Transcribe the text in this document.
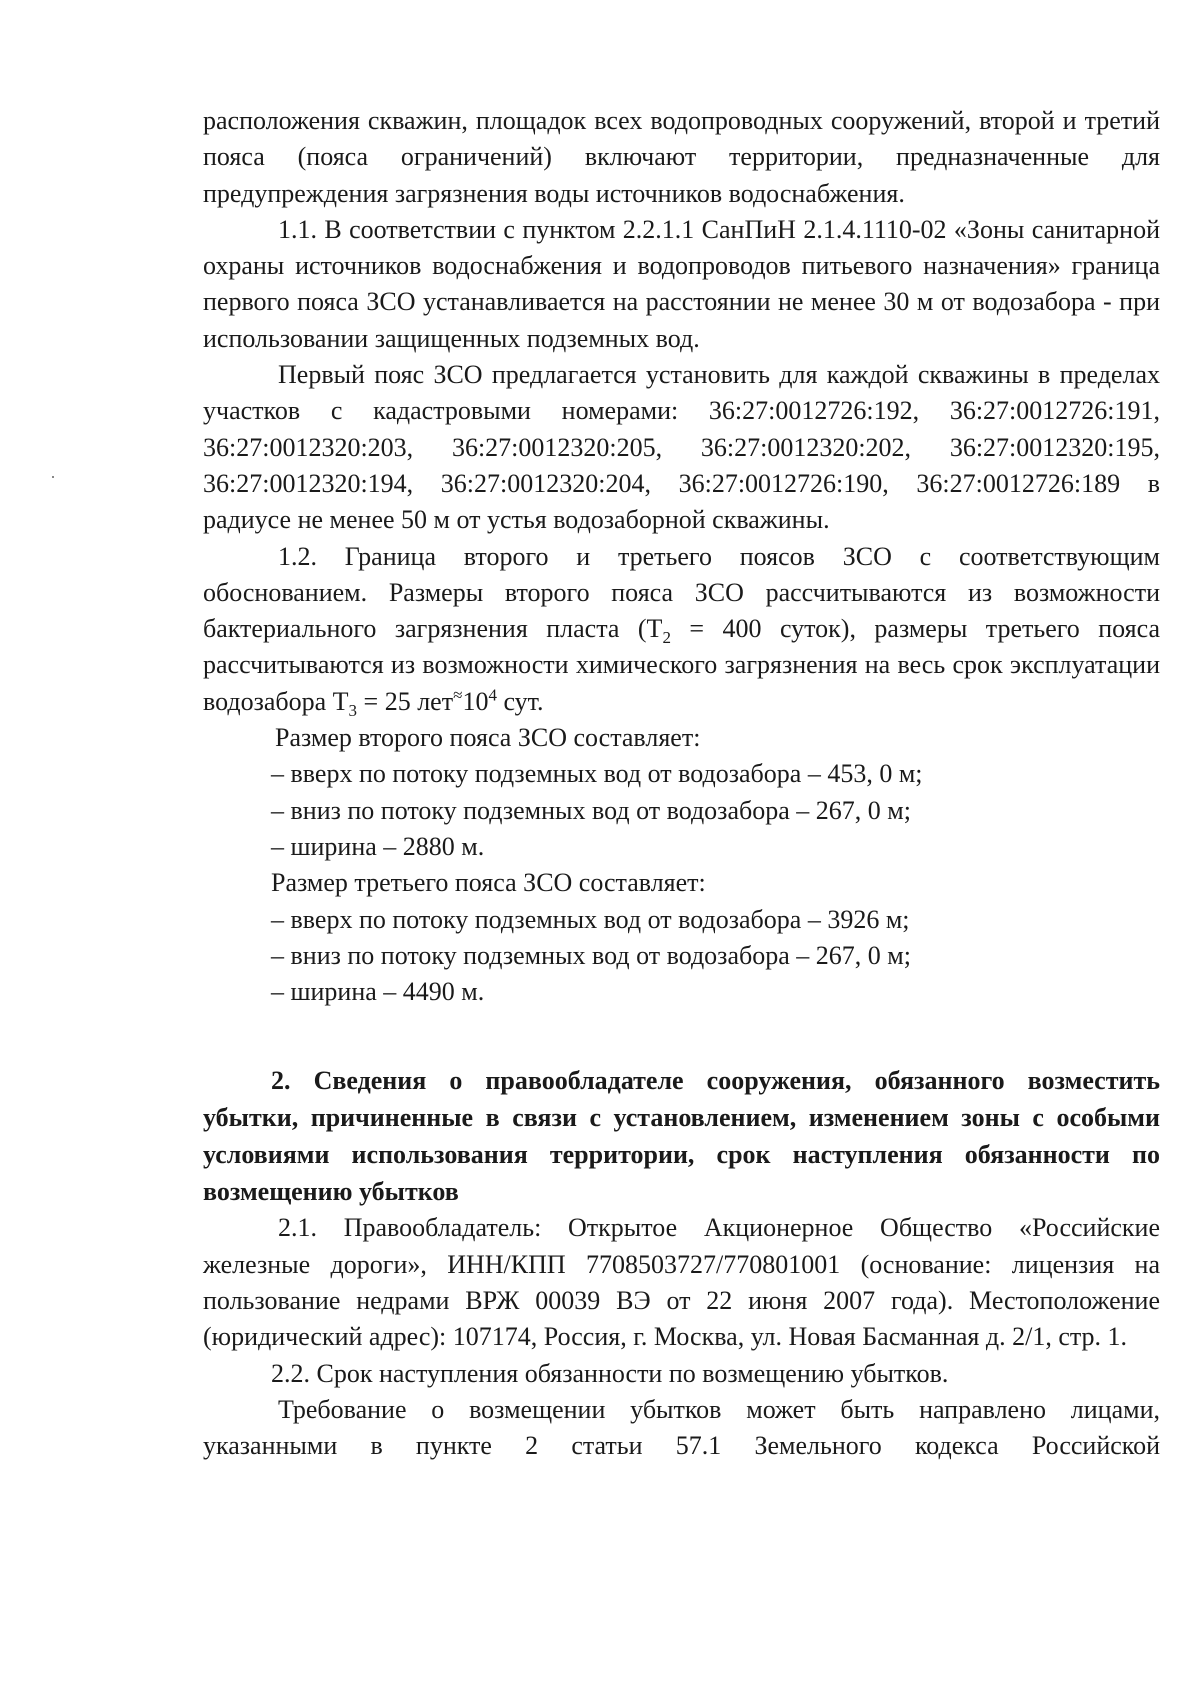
расположения скважин, площадок всех водопроводных сооружений, второй и третий пояса (пояса ограничений) включают территории, предназначенные для предупреждения загрязнения воды источников водоснабжения.

1.1. В соответствии с пунктом 2.2.1.1 СанПиН 2.1.4.1110-02 «Зоны санитарной охраны источников водоснабжения и водопроводов питьевого назначения» граница первого пояса ЗСО устанавливается на расстоянии не менее 30 м от водозабора - при использовании защищенных подземных вод.

Первый пояс ЗСО предлагается установить для каждой скважины в пределах участков с кадастровыми номерами: 36:27:0012726:192, 36:27:0012726:191, 36:27:0012320:203, 36:27:0012320:205, 36:27:0012320:202, 36:27:0012320:195, 36:27:0012320:194, 36:27:0012320:204, 36:27:0012726:190, 36:27:0012726:189 в радиусе не менее 50 м от устья водозаборной скважины.

1.2. Граница второго и третьего поясов ЗСО с соответствующим обоснованием. Размеры второго пояса ЗСО рассчитываются из возможности бактериального загрязнения пласта ($T_2 = 400$ суток), размеры третьего пояса рассчитываются из возможности химического загрязнения на весь срок эксплуатации водозабора $T_3 = 25$ $лет^\approx 10^4$ сут.

Размер второго пояса ЗСО составляет:

– вверх по потоку подземных вод от водозабора – 453, 0 м;

– вниз по потоку подземных вод от водозабора – 267, 0 м;

– ширина – 2880 м.

Размер третьего пояса ЗСО составляет:

– вверх по потоку подземных вод от водозабора – 3926 м;

– вниз по потоку подземных вод от водозабора – 267, 0 м;

– ширина – 4490 м.

2. Сведения о правообладателе сооружения, обязанного возместить убытки, причиненные в связи с установлением, изменением зоны с особыми условиями использования территории, срок наступления обязанности по возмещению убытков

2.1. Правообладатель: Открытое Акционерное Общество «Российские железные дороги», ИНН/КПП 7708503727/770801001 (основание: лицензия на пользование недрами ВРЖ 00039 ВЭ от 22 июня 2007 года). Местоположение (юридический адрес): 107174, Россия, г. Москва, ул. Новая Басманная д. 2/1, стр. 1.

2.2. Срок наступления обязанности по возмещению убытков.

Требование о возмещении убытков может быть направлено лицами, указанными в пункте 2 статьи 57.1 Земельного кодекса Российской
